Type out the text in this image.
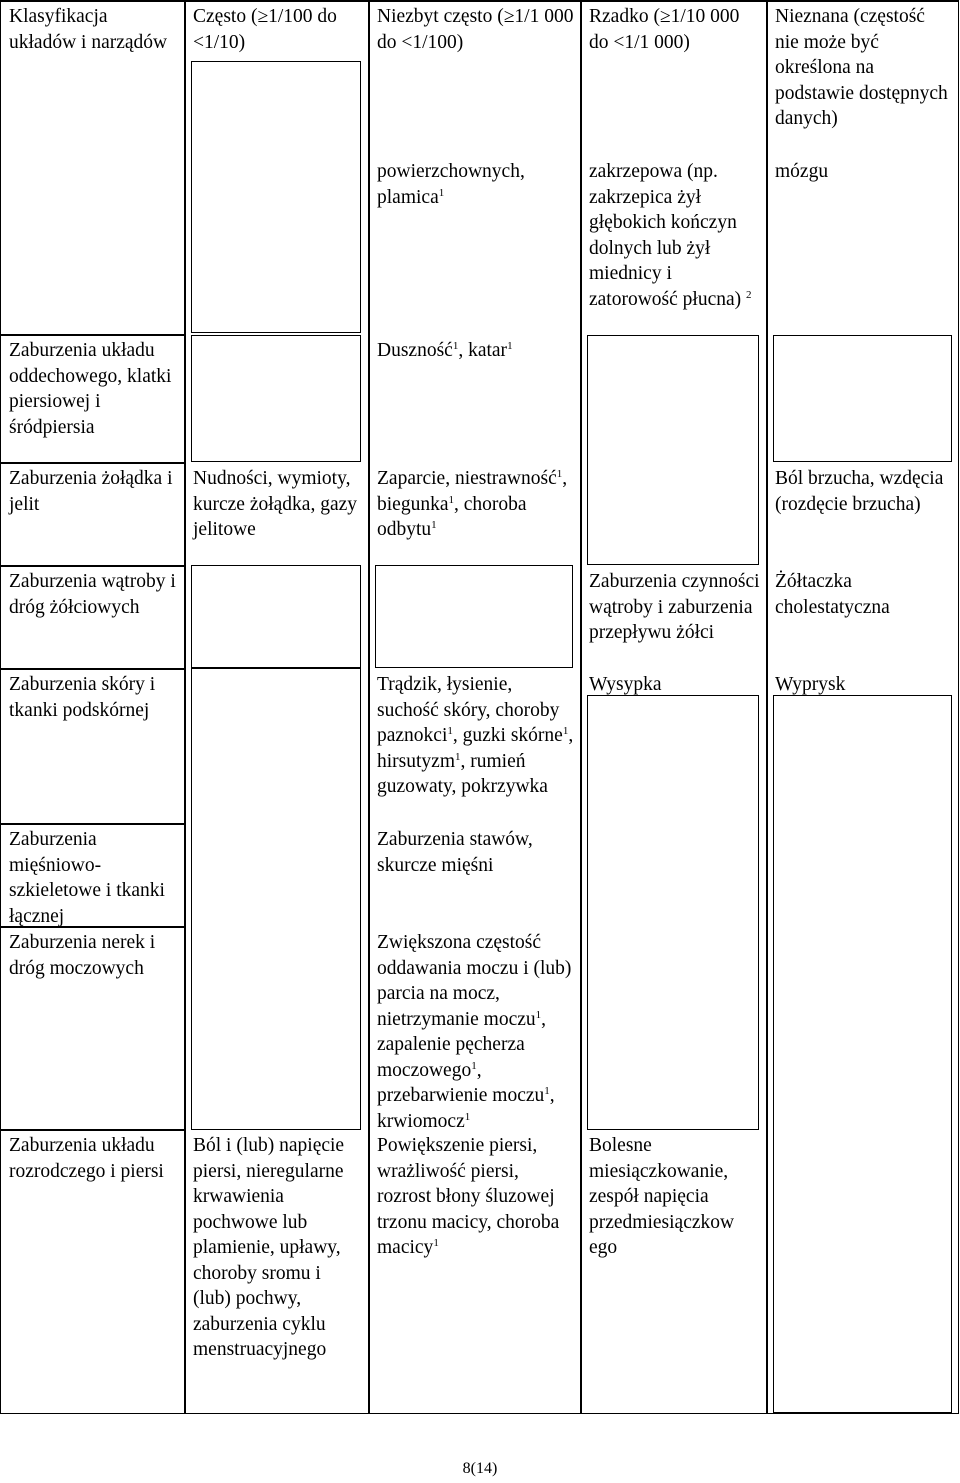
Klasyfikacja układów i narządów
Często (≥1/100 do <1/10)
Niezbyt często (≥1/1 000 do <1/100)
Rzadko (≥1/10 000 do <1/1 000)
Nieznana (częstość nie może być określona na podstawie dostępnych danych)
powierzchownych, plamica$^1$
zakrzepowa (np. zakrzepica żył głębokich kończyn dolnych lub żył miednicy i zatorowość płucna) $^2$
mózgu
Zaburzenia układu oddechowego, klatki piersiowej i śródpiersia
Duszność$^1$, katar$^1$
Zaburzenia żołądka i jelit
Nudności, wymioty, kurcze żołądka, gazy jelitowe
Zaparcie, niestrawność$^1$, biegunka$^1$, choroba odbytu$^1$
Ból brzucha, wzdęcia (rozdęcie brzucha)
Zaburzenia wątroby i dróg żółciowych
Zaburzenia czynności wątroby i zaburzenia przepływu żółci
Żółtaczka cholestatyczna
Zaburzenia skóry i tkanki podskórnej
Trądzik, łysienie, suchość skóry, choroby paznokci$^1$, guzki skórne$^1$, hirsutyzm$^1$, rumień guzowaty, pokrzywka
Wysypka	Wyprysk
Zaburzenia mięśniowo-szkieletowe i tkanki łącznej
Zaburzenia stawów, skurcze mięśni
Zaburzenia nerek i dróg moczowych
Zwiększona częstość oddawania moczu i (lub) parcia na mocz, nietrzymanie moczu$^1$, zapalenie pęcherza moczowego$^1$, przebarwienie moczu$^1$, krwiomocz$^1$
Zaburzenia układu rozrodczego i piersi
Ból i (lub) napięcie piersi, nieregularne krwawienia pochwowe lub plamienie, upławy, choroby sromu i (lub) pochwy, zaburzenia cyklu menstruacyjnego
Powiększenie piersi, wrażliwość piersi, rozrost błony śluzowej trzonu macicy, choroba macicy$^1$
Bolesne miesiączkowanie, zespół napięcia przedmiesiączkow ego
8(14)
